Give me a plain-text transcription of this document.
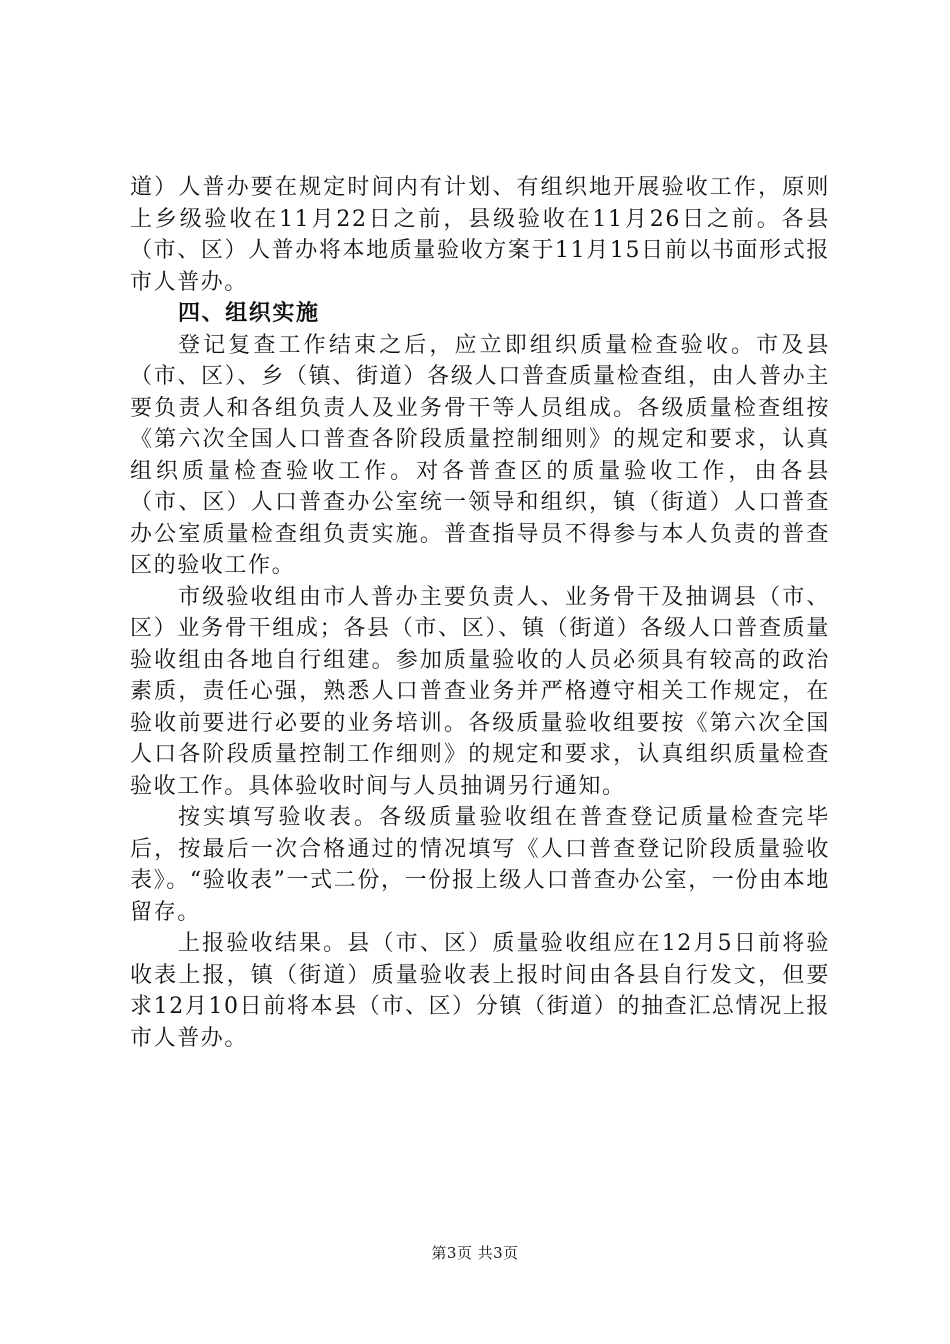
道）人普办要在规定时间内有计划、有组织地开展验收工作，原则上乡级验收在11月22日之前，县级验收在11月26日之前。各县（市、区）人普办将本地质量验收方案于11月15日前以书面形式报市人普办。

四、组织实施

登记复查工作结束之后，应立即组织质量检查验收。市及县（市、区）、乡（镇、街道）各级人口普查质量检查组，由人普办主要负责人和各组负责人及业务骨干等人员组成。各级质量检查组按《第六次全国人口普查各阶段质量控制细则》的规定和要求，认真组织质量检查验收工作。对各普查区的质量验收工作，由各县（市、区）人口普查办公室统一领导和组织，镇（街道）人口普查办公室质量检查组负责实施。普查指导员不得参与本人负责的普查区的验收工作。

市级验收组由市人普办主要负责人、业务骨干及抽调县（市、区）业务骨干组成；各县（市、区）、镇（街道）各级人口普查质量验收组由各地自行组建。参加质量验收的人员必须具有较高的政治素质，责任心强，熟悉人口普查业务并严格遵守相关工作规定，在验收前要进行必要的业务培训。各级质量验收组要按《第六次全国人口各阶段质量控制工作细则》的规定和要求，认真组织质量检查验收工作。具体验收时间与人员抽调另行通知。

按实填写验收表。各级质量验收组在普查登记质量检查完毕后，按最后一次合格通过的情况填写《人口普查登记阶段质量验收表》。“验收表”一式二份，一份报上级人口普查办公室，一份由本地留存。

上报验收结果。县（市、区）质量验收组应在12月5日前将验收表上报，镇（街道）质量验收表上报时间由各县自行发文，但要求12月10日前将本县（市、区）分镇（街道）的抽查汇总情况上报市人普办。

第3页 共3页
